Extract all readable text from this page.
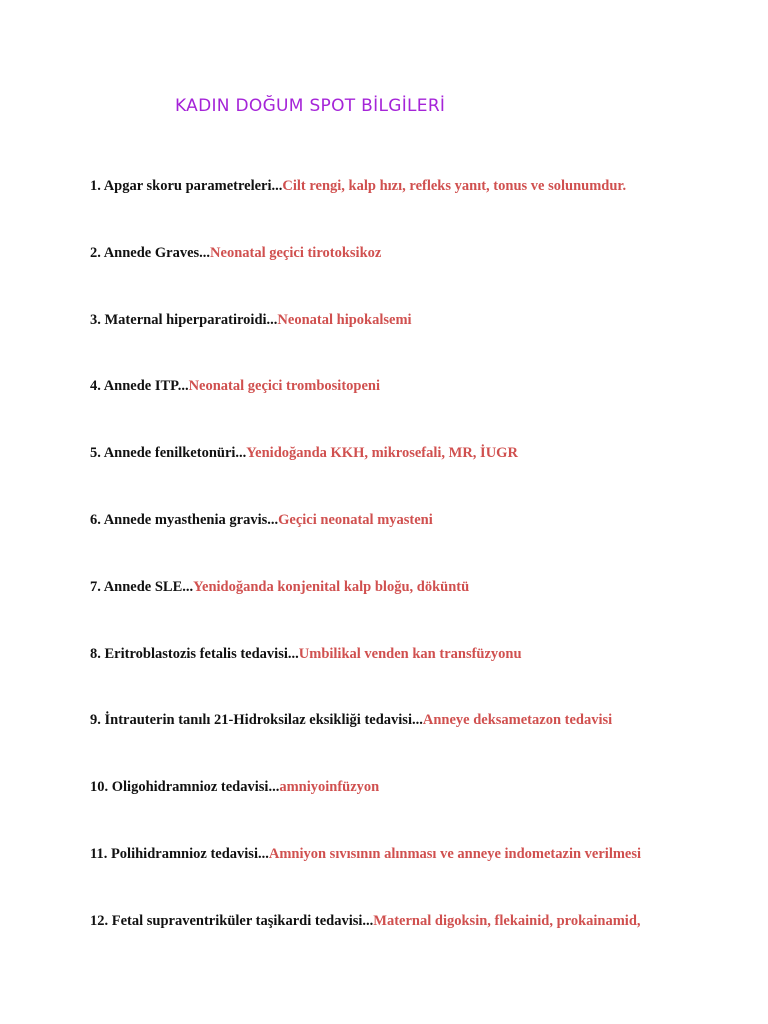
KADIN DOĞUM SPOT BİLGİLERİ
1. Apgar skoru parametreleri...Cilt rengi, kalp hızı, refleks yanıt, tonus ve solunumdur.
2. Annede Graves...Neonatal geçici tirotoksikoz
3. Maternal hiperparatiroidi...Neonatal hipokalsemi
4. Annede ITP...Neonatal geçici trombositopeni
5. Annede fenilketonüri...Yenidoğanda KKH, mikrosefali, MR, İUGR
6. Annede myasthenia gravis...Geçici neonatal myasteni
7. Annede SLE...Yenidoğanda konjenital kalp bloğu, döküntü
8. Eritroblastozis fetalis tedavisi...Umbilikal venden kan transfüzyonu
9. İntrauterin tanılı 21-Hidroksilaz eksikliği tedavisi...Anneye deksametazon tedavisi
10. Oligohidramnioz tedavisi...amniyoinfüzyon
11. Polihidramnioz tedavisi...Amniyon sıvısının alınması ve anneye indometazin verilmesi
12. Fetal supraventriküler taşikardi tedavisi...Maternal digoksin, flekainid, prokainamid,
